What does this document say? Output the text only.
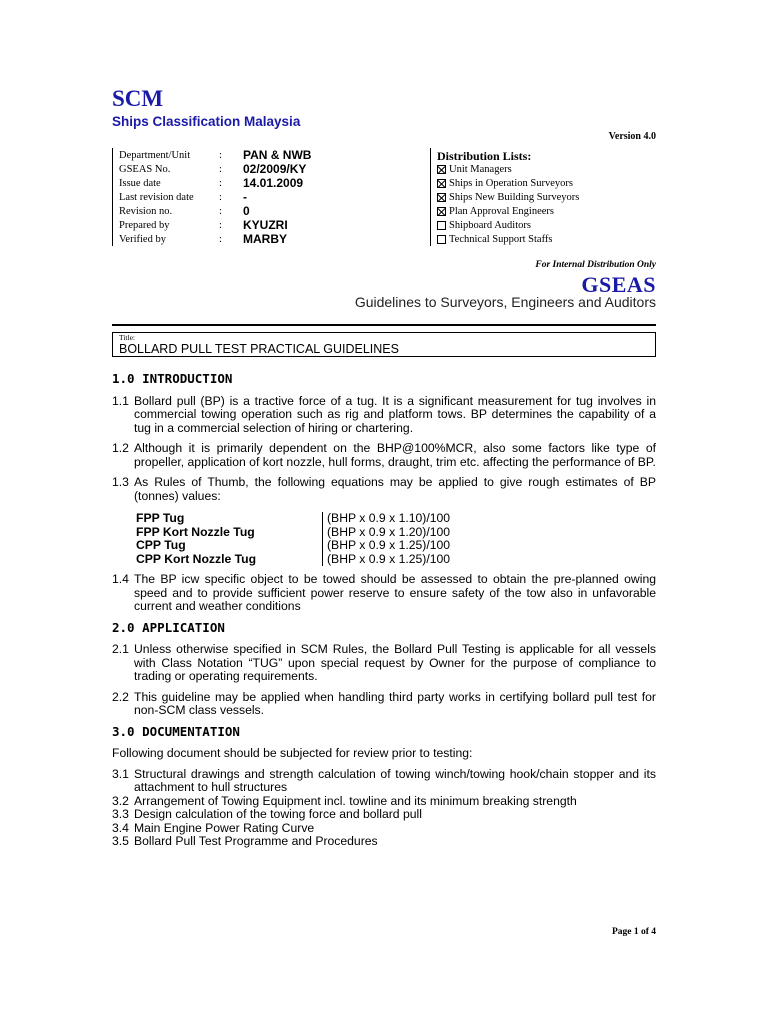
SCM
Ships Classification Malaysia
Version 4.0
Department/Unit	:	PAN & NWB
GSEAS No.	:	02/2009/KY
Issue date	:	14.01.2009
Last revision date	:	-
Revision no.	:	0
Prepared by	:	KYUZRI
Verified by	:	MARBY
Distribution Lists:
Unit Managers
Ships in Operation Surveyors
Ships New Building Surveyors
Plan Approval Engineers
Shipboard Auditors
Technical Support Staffs
For Internal Distribution Only
GSEAS
Guidelines to Surveyors, Engineers and Auditors
Title:
BOLLARD PULL TEST PRACTICAL GUIDELINES
1.0 INTRODUCTION
1.1 Bollard pull (BP) is a tractive force of a tug. It is a significant measurement for tug involves in commercial towing operation such as rig and platform tows. BP determines the capability of a tug in a commercial selection of hiring or chartering.
1.2 Although it is primarily dependent on the BHP@100%MCR, also some factors like type of propeller, application of kort nozzle, hull forms, draught, trim etc. affecting the performance of BP.
1.3 As Rules of Thumb, the following equations may be applied to give rough estimates of BP (tonnes) values:
FPP Tug	(BHP x 0.9 x 1.10)/100
FPP Kort Nozzle Tug	(BHP x 0.9 x 1.20)/100
CPP Tug	(BHP x 0.9 x 1.25)/100
CPP Kort Nozzle Tug	(BHP x 0.9 x 1.25)/100
1.4 The BP icw specific object to be towed should be assessed to obtain the pre-planned owing speed and to provide sufficient power reserve to ensure safety of the tow also in unfavorable current and weather conditions
2.0 APPLICATION
2.1 Unless otherwise specified in SCM Rules, the Bollard Pull Testing is applicable for all vessels with Class Notation “TUG” upon special request by Owner for the purpose of compliance to trading or operating requirements.
2.2 This guideline may be applied when handling third party works in certifying bollard pull test for non-SCM class vessels.
3.0 DOCUMENTATION
Following document should be subjected for review prior to testing:
3.1 Structural drawings and strength calculation of towing winch/towing hook/chain stopper and its attachment to hull structures
3.2 Arrangement of Towing Equipment incl. towline and its minimum breaking strength
3.3 Design calculation of the towing force and bollard pull
3.4 Main Engine Power Rating Curve
3.5 Bollard Pull Test Programme and Procedures
Page 1 of 4
